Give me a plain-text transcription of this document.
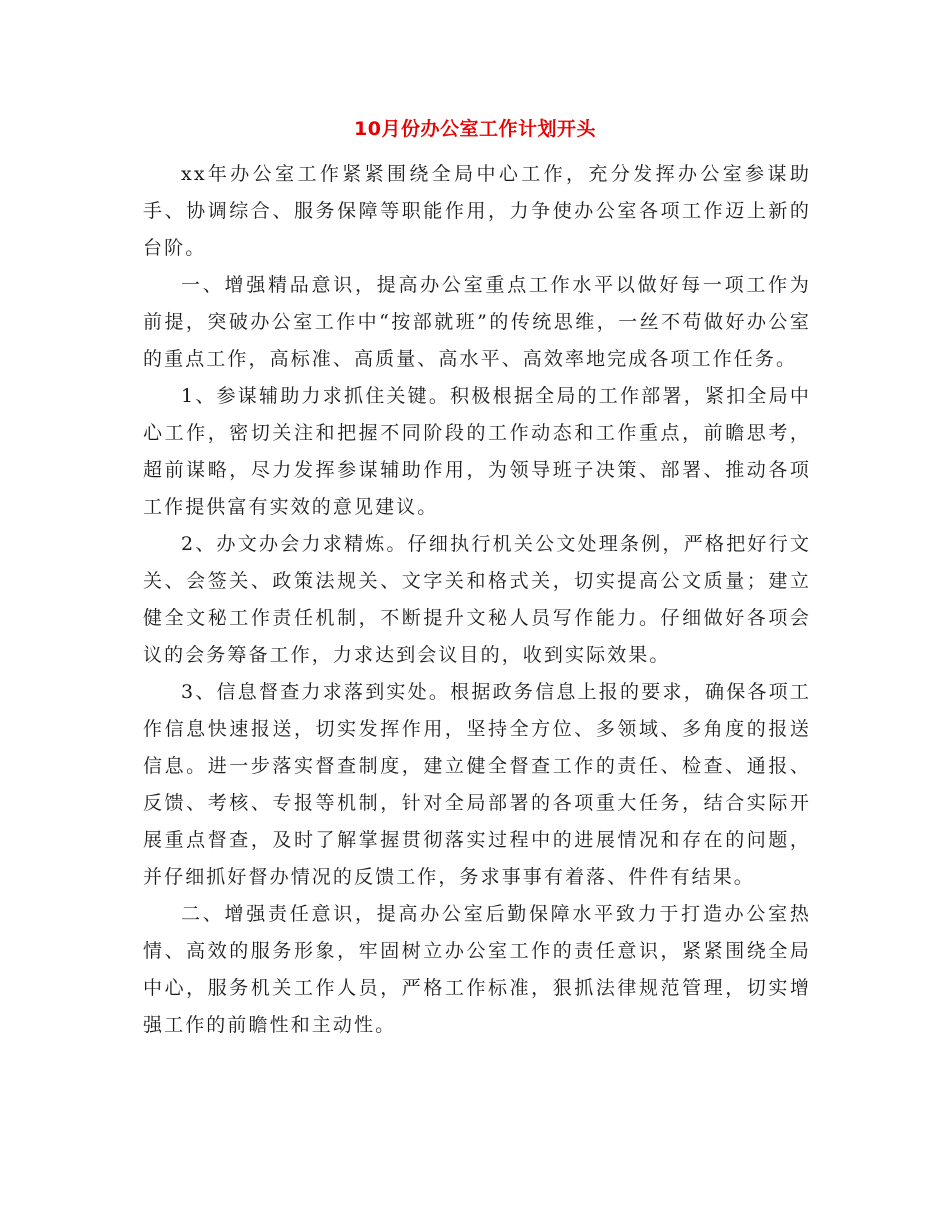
10月份办公室工作计划开头

xx年办公室工作紧紧围绕全局中心工作，充分发挥办公室参谋助手、协调综合、服务保障等职能作用，力争使办公室各项工作迈上新的台阶。

一、增强精品意识，提高办公室重点工作水平以做好每一项工作为前提，突破办公室工作中“按部就班”的传统思维，一丝不苟做好办公室的重点工作，高标准、高质量、高水平、高效率地完成各项工作任务。

1、参谋辅助力求抓住关键。积极根据全局的工作部署，紧扣全局中心工作，密切关注和把握不同阶段的工作动态和工作重点，前瞻思考，超前谋略，尽力发挥参谋辅助作用，为领导班子决策、部署、推动各项工作提供富有实效的意见建议。

2、办文办会力求精炼。仔细执行机关公文处理条例，严格把好行文关、会签关、政策法规关、文字关和格式关，切实提高公文质量；建立健全文秘工作责任机制，不断提升文秘人员写作能力。仔细做好各项会议的会务筹备工作，力求达到会议目的，收到实际效果。

3、信息督查力求落到实处。根据政务信息上报的要求，确保各项工作信息快速报送，切实发挥作用，坚持全方位、多领域、多角度的报送信息。进一步落实督查制度，建立健全督查工作的责任、检查、通报、反馈、考核、专报等机制，针对全局部署的各项重大任务，结合实际开展重点督查，及时了解掌握贯彻落实过程中的进展情况和存在的问题，并仔细抓好督办情况的反馈工作，务求事事有着落、件件有结果。

二、增强责任意识，提高办公室后勤保障水平致力于打造办公室热情、高效的服务形象，牢固树立办公室工作的责任意识，紧紧围绕全局中心，服务机关工作人员，严格工作标准，狠抓法律规范管理，切实增强工作的前瞻性和主动性。
